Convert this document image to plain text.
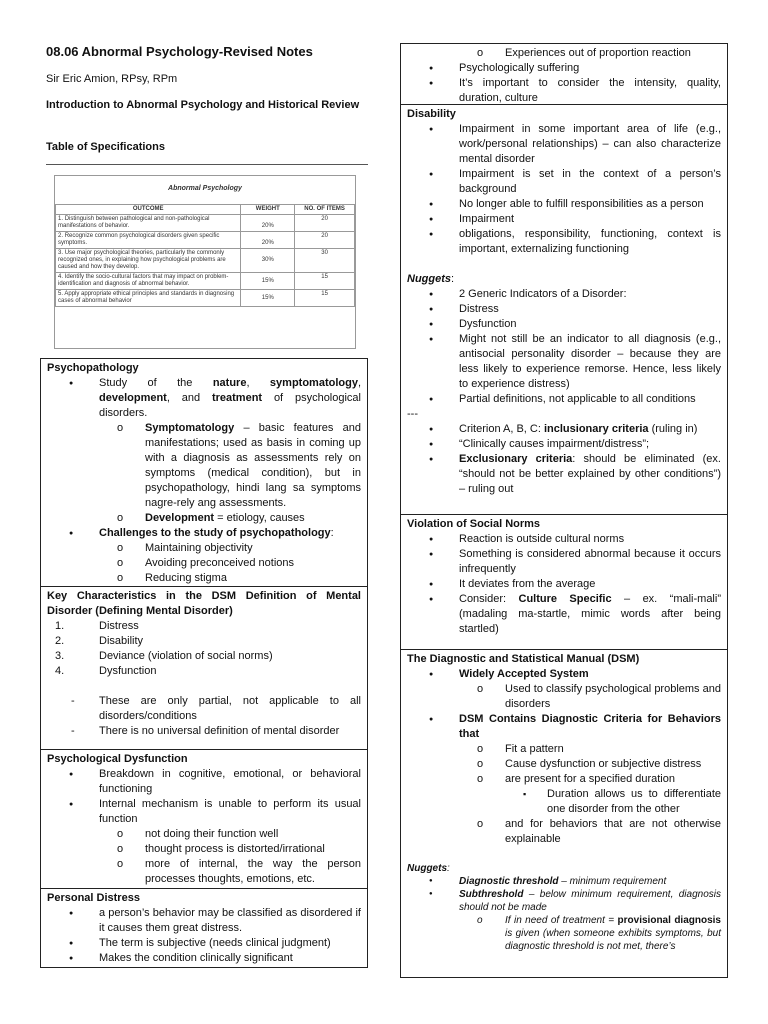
08.06 Abnormal Psychology-Revised Notes
Sir Eric Amion, RPsy, RPm
Introduction to Abnormal Psychology and Historical Review
Table of Specifications
Abnormal Psychology
OUTCOME	WEIGHT	NO. OF ITEMS
1. Distinguish between pathological and non-pathological manifestations of behavior.	20%	20
2. Recognize common psychological disorders given specific symptoms.	20%	20
3. Use major psychological theories, particularly the commonly recognized ones, in explaining how psychological problems are caused and how they develop.	30%	30
4. Identify the socio-cultural factors that may impact on problem-identification and diagnosis of abnormal behavior.	15%	15
5. Apply appropriate ethical principles and standards in diagnosing cases of abnormal behavior	15%	15
Psychopathology
● Study of the nature, symptomatology, development, and treatment of psychological disorders.
o Symptomatology – basic features and manifestations; used as basis in coming up with a diagnosis as assessments rely on symptoms (medical condition), but in psychopathology, hindi lang sa symptoms nagre-rely ang assessments.
o Development = etiology, causes
● Challenges to the study of psychopathology:
o Maintaining objectivity
o Avoiding preconceived notions
o Reducing stigma
Key Characteristics in the DSM Definition of Mental Disorder (Defining Mental Disorder)
1.	Distress
2.	Disability
3.	Deviance (violation of social norms)
4.	Dysfunction
- These are only partial, not applicable to all disorders/conditions
- There is no universal definition of mental disorder
Psychological Dysfunction
● Breakdown in cognitive, emotional, or behavioral functioning
● Internal mechanism is unable to perform its usual function
o not doing their function well
o thought process is distorted/irrational
o more of internal, the way the person processes thoughts, emotions, etc.
Personal Distress
● a person’s behavior may be classified as disordered if it causes them great distress.
● The term is subjective (needs clinical judgment)
● Makes the condition clinically significant
o Experiences out of proportion reaction
● Psychologically suffering
● It’s important to consider the intensity, quality, duration, culture
Disability
● Impairment in some important area of life (e.g., work/personal relationships) – can also characterize mental disorder
● Impairment is set in the context of a person’s background
● No longer able to fulfill responsibilities as a person
● Impairment
● obligations, responsibility, functioning, context is important, externalizing functioning

Nuggets:

● 2 Generic Indicators of a Disorder:
● Distress
● Dysfunction
● Might not still be an indicator to all diagnosis (e.g., antisocial personality disorder – because they are less likely to experience remorse. Hence, less likely to experience distress)
● Partial definitions, not applicable to all conditions

---

● Criterion A, B, C: inclusionary criteria (ruling in)
● “Clinically causes impairment/distress”;
● Exclusionary criteria: should be eliminated (ex. “should not be better explained by other conditions”) – ruling out
Violation of Social Norms
● Reaction is outside cultural norms
● Something is considered abnormal because it occurs infrequently
● It deviates from the average
● Consider: Culture Specific – ex. “mali-mali” (madaling ma-startle, mimic words after being startled)
The Diagnostic and Statistical Manual (DSM)
● Widely Accepted System
o Used to classify psychological problems and disorders
● DSM Contains Diagnostic Criteria for Behaviors that
o Fit a pattern
o Cause dysfunction or subjective distress
o are present for a specified duration
▪ Duration allows us to differentiate one disorder from the other
o and for behaviors that are not otherwise explainable

Nuggets:

● Diagnostic threshold – minimum requirement
● Subthreshold – below minimum requirement, diagnosis should not be made
o If in need of treatment = provisional diagnosis is given (when someone exhibits symptoms, but diagnostic threshold is not met, there’s
